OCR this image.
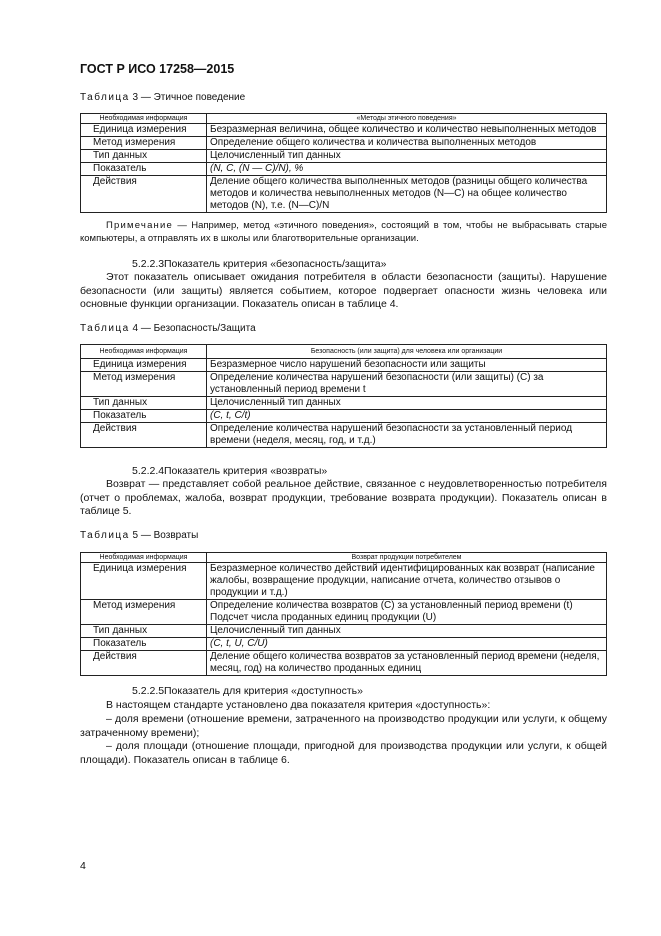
ГОСТ Р ИСО 17258—2015
Таблица 3 — Этичное поведение
Необходимая информация	«Методы этичного поведения»
Единица измерения	Безразмерная величина, общее количество и количество невыполненных методов
Метод измерения	Определение общего количества и количества выполненных методов
Тип данных	Целочисленный тип данных
Показатель	(N, C, (N — C)/N), %
Действия	Деление общего количества выполненных методов (разницы общего количества методов и количества невыполненных методов (N—C) на общее количество методов (N), т.е. (N—C)/N
Примечание — Например, метод «этичного поведения», состоящий в том, чтобы не выбрасывать старые компьютеры, а отправлять их в школы или благотворительные организации.
5.2.2.3Показатель критерия «безопасность/защита»
Этот показатель описывает ожидания потребителя в области безопасности (защиты). Нарушение безопасности (или защиты) является событием, которое подвергает опасности жизнь человека или основные функции организации. Показатель описан в таблице 4.
Таблица 4 — Безопасность/Защита
Необходимая информация	Безопасность (или защита) для человека или организации
Единица измерения	Безразмерное число нарушений безопасности или защиты
Метод измерения	Определение количества нарушений безопасности (или защиты) (C) за установленный период времени t
Тип данных	Целочисленный тип данных
Показатель	(C, t, C/t)
Действия	Определение количества нарушений безопасности за установленный период времени (неделя, месяц, год, и т.д.)
5.2.2.4Показатель критерия «возвраты»
Возврат — представляет собой реальное действие, связанное с неудовлетворенностью потребителя (отчет о проблемах, жалоба, возврат продукции, требование возврата продукции). Показатель описан в таблице 5.
Таблица 5 — Возвраты
Необходимая информация	Возврат продукции потребителем
Единица измерения	Безразмерное количество действий идентифицированных как возврат (написание жалобы, возвращение продукции, написание отчета, количество отзывов о продукции и т.д.)
Метод измерения	Определение количества возвратов (C) за установленный период времени (t) Подсчет числа проданных единиц продукции (U)
Тип данных	Целочисленный тип данных
Показатель	(C, t, U, C/U)
Действия	Деление общего количества возвратов за установленный период времени (неделя, месяц, год) на количество проданных единиц
5.2.2.5Показатель для критерия «доступность»
В настоящем стандарте установлено два показателя критерия «доступность»:
– доля времени (отношение времени, затраченного на производство продукции или услуги, к общему затраченному времени);
– доля площади (отношение площади, пригодной для производства продукции или услуги, к общей площади). Показатель описан в таблице 6.
4
